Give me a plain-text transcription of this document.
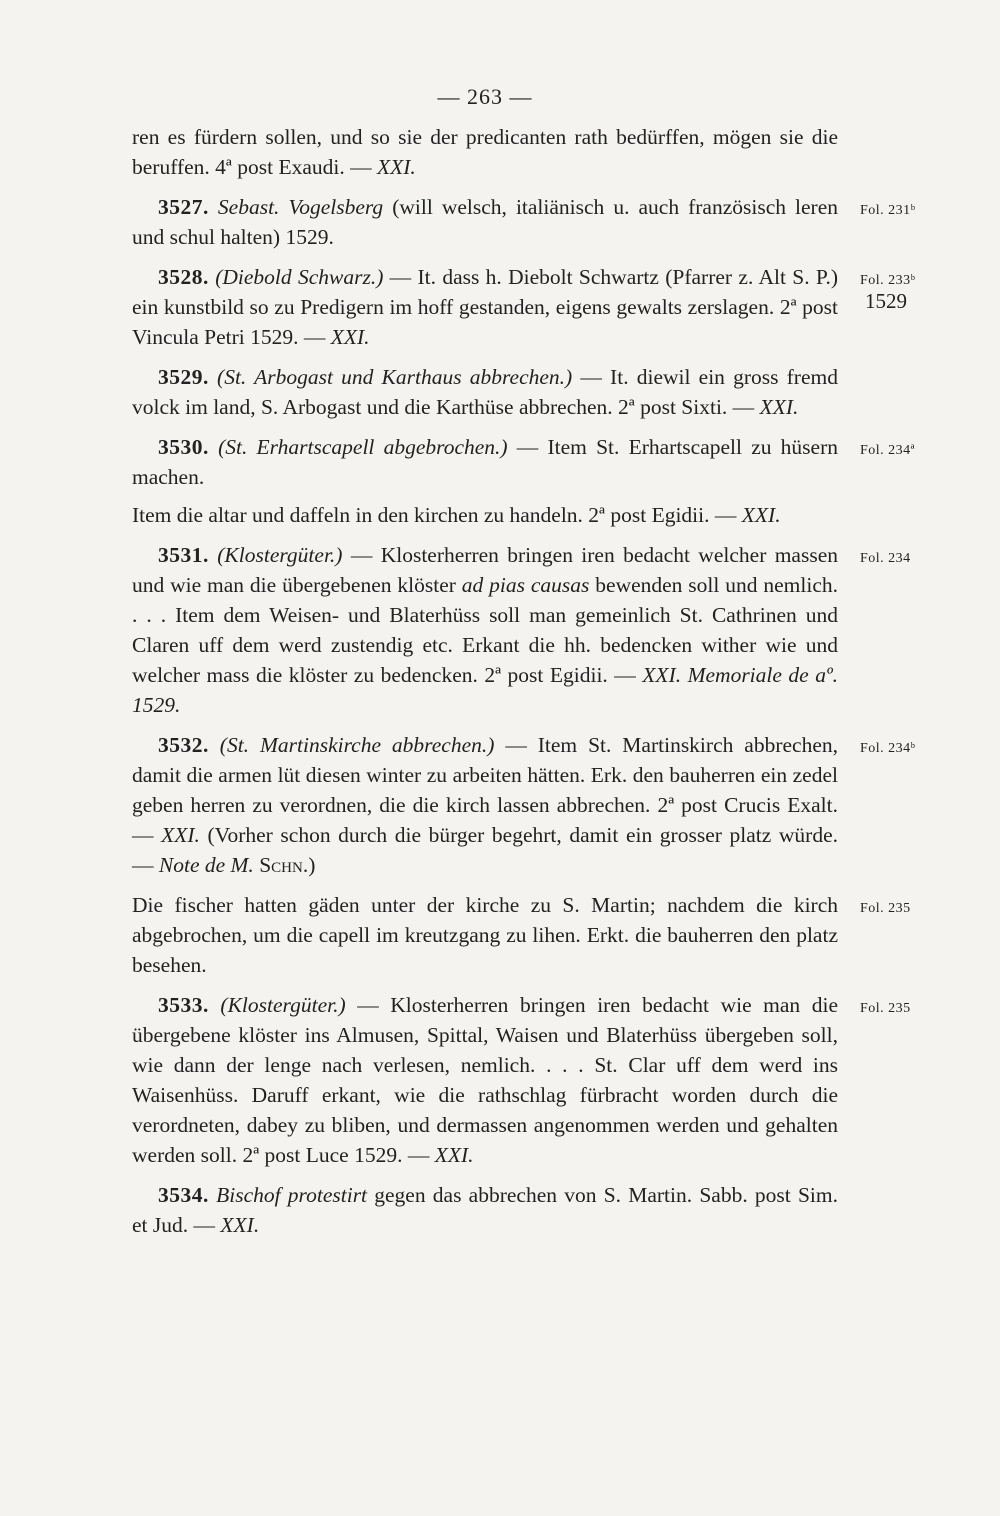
— 263 —

ren es fürdern sollen, und so sie der predicanten rath bedürffen, mögen sie die beruffen. 4ª post Exaudi. — XXI.

3527. Sebast. Vogelsberg (will welsch, italiänisch u. auch französisch leren und schul halten) 1529.

Fol. 231ᵇ

3528. (Diebold Schwarz.) — It. dass h. Diebolt Schwartz (Pfarrer z. Alt S. P.) ein kunstbild so zu Predigern im hoff gestanden, eigens gewalts zerslagen. 2ª post Vincula Petri 1529. — XXI.

Fol. 233ᵇ
1529

3529. (St. Arbogast und Karthaus abbrechen.) — It. diewil ein gross fremd volck im land, S. Arbogast und die Karthüse abbrechen. 2ª post Sixti. — XXI.

3530. (St. Erhartscapell abgebrochen.) — Item St. Erhartscapell zu hüsern machen.

Item die altar und daffeln in den kirchen zu handeln. 2ª post Egidii. — XXI.

Fol. 234ª

3531. (Klostergüter.) — Klosterherren bringen iren bedacht welcher massen und wie man die übergebenen klöster ad pias causas bewenden soll und nemlich. . . . Item dem Weisen- und Blaterhüss soll man gemeinlich St. Cathrinen und Claren uff dem werd zustendig etc. Erkant die hh. bedencken wither wie und welcher mass die klöster zu bedencken. 2ª post Egidii. — XXI. Memoriale de aº. 1529.

Fol. 234

3532. (St. Martinskirche abbrechen.) — Item St. Martinskirch abbrechen, damit die armen lüt diesen winter zu arbeiten hätten. Erk. den bauherren ein zedel geben herren zu verordnen, die die kirch lassen abbrechen. 2ª post Crucis Exalt. — XXI. (Vorher schon durch die bürger begehrt, damit ein grosser platz würde. — Note de M. Schn.)

Fol. 234ᵇ

Die fischer hatten gäden unter der kirche zu S. Martin; nachdem die kirch abgebrochen, um die capell im kreutzgang zu lihen. Erkt. die bauherren den platz besehen.

Fol. 235

3533. (Klostergüter.) — Klosterherren bringen iren bedacht wie man die übergebene klöster ins Almusen, Spittal, Waisen und Blaterhüss übergeben soll, wie dann der lenge nach verlesen, nemlich. . . . St. Clar uff dem werd ins Waisenhüss. Daruff erkant, wie die rathschlag fürbracht worden durch die verordneten, dabey zu bliben, und dermassen angenommen werden und gehalten werden soll. 2ª post Luce 1529. — XXI.

Fol. 235

3534. Bischof protestirt gegen das abbrechen von S. Martin. Sabb. post Sim. et Jud. — XXI.
